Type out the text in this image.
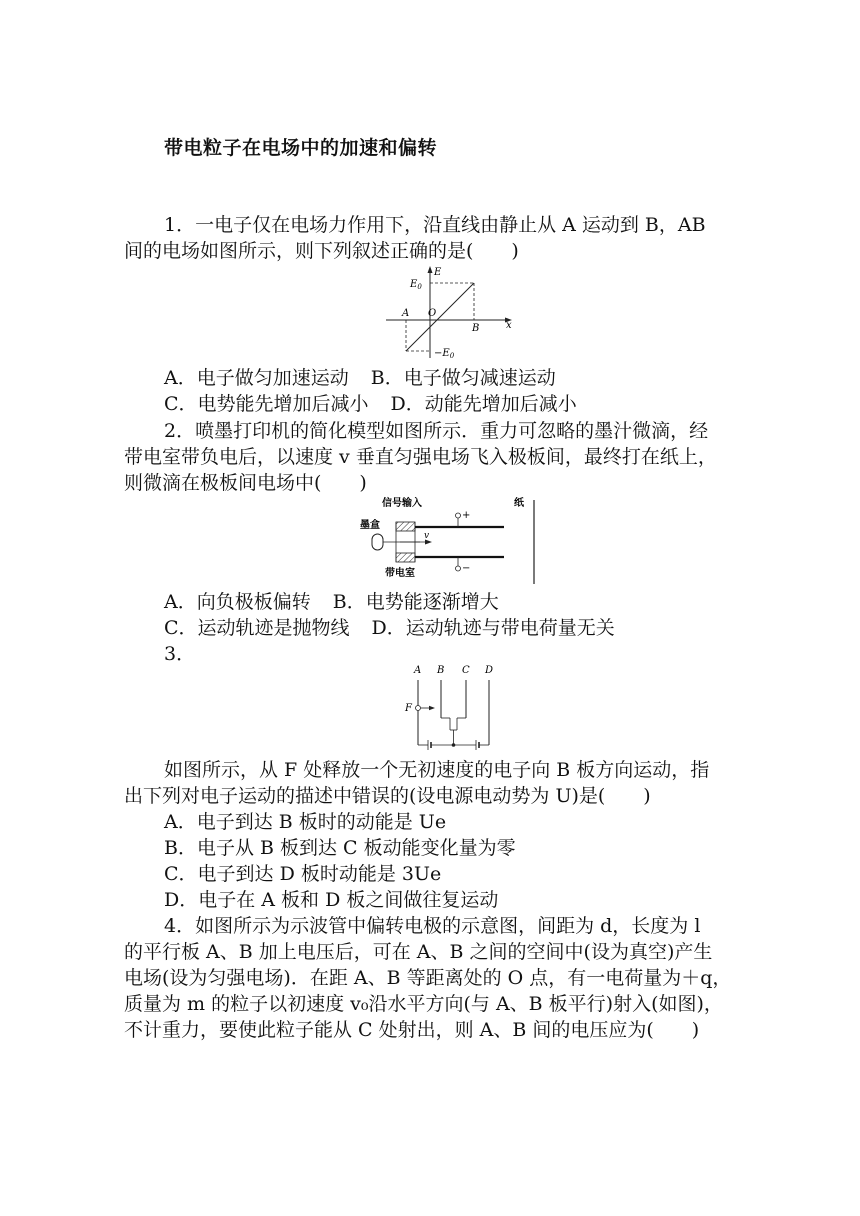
带电粒子在电场中的加速和偏转
1．一电子仅在电场力作用下，沿直线由静止从 A 运动到 B，AB
间的电场如图所示，则下列叙述正确的是(　　)
E
$E_0$
A O
B	x
$-E_0$
A．电子做匀加速运动 B．电子做匀减速运动
C．电势能先增加后减小 D．动能先增加后减小
2．喷墨打印机的简化模型如图所示．重力可忽略的墨汁微滴，经
带电室带负电后，以速度 v 垂直匀强电场飞入极板间，最终打在纸上，
则微滴在极板间电场中(　　)
信号输入	纸
墨盒
v
+
−
带电室
A．向负极板偏转 B．电势能逐渐增大
C．运动轨迹是抛物线 D．运动轨迹与带电荷量无关
3．
A B C D
F
如图所示，从 F 处释放一个无初速度的电子向 B 板方向运动，指
出下列对电子运动的描述中错误的(设电源电动势为 U)是(　　)
A．电子到达 B 板时的动能是 Ue
B．电子从 B 板到达 C 板动能变化量为零
C．电子到达 D 板时动能是 3Ue
D．电子在 A 板和 D 板之间做往复运动
4．如图所示为示波管中偏转电极的示意图，间距为 d，长度为 l
的平行板 A、B 加上电压后，可在 A、B 之间的空间中(设为真空)产生
电场(设为匀强电场)．在距 A、B 等距离处的 O 点，有一电荷量为＋q，
质量为 m 的粒子以初速度 v₀沿水平方向(与 A、B 板平行)射入(如图)，
不计重力，要使此粒子能从 C 处射出，则 A、B 间的电压应为(　　)
